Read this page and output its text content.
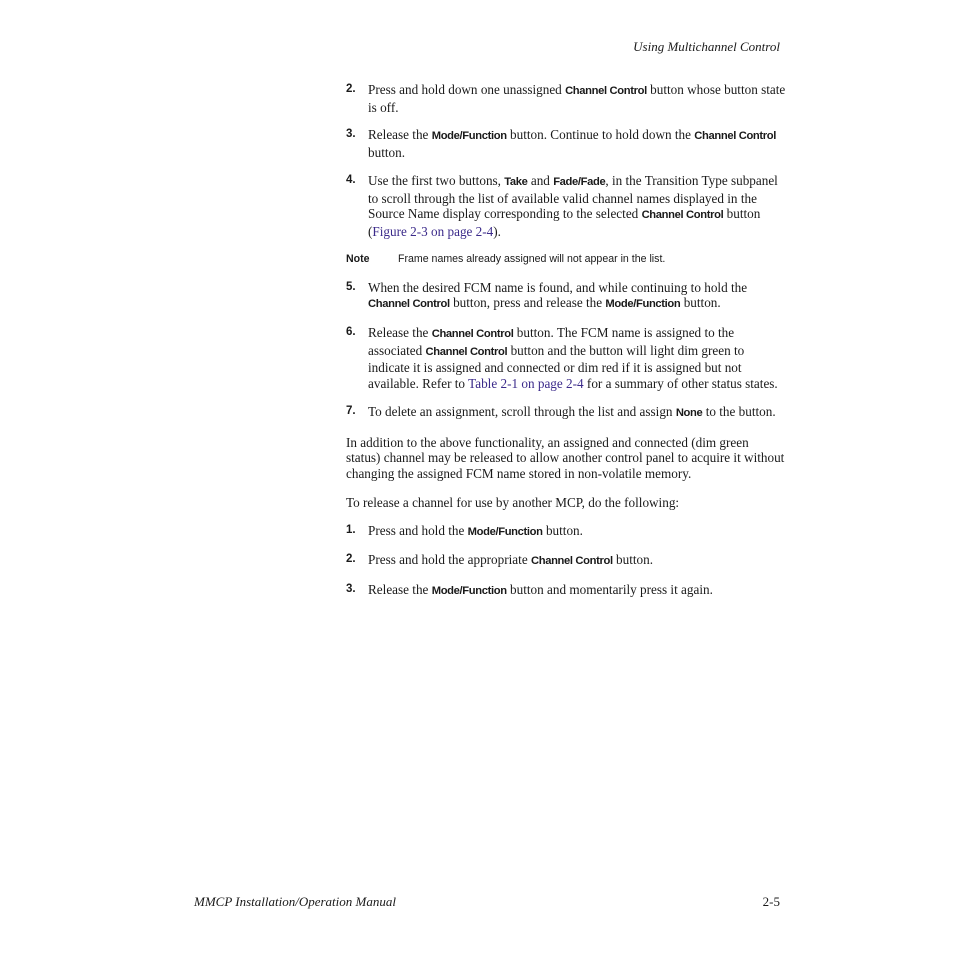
Using Multichannel Control
2. Press and hold down one unassigned Channel Control button whose button state is off.
3. Release the Mode/Function button. Continue to hold down the Channel Control button.
4. Use the first two buttons, Take and Fade/Fade, in the Transition Type subpanel to scroll through the list of available valid channel names displayed in the Source Name display corresponding to the selected Channel Control button (Figure 2-3 on page 2-4).
Note	Frame names already assigned will not appear in the list.
5. When the desired FCM name is found, and while continuing to hold the Channel Control button, press and release the Mode/Function button.
6. Release the Channel Control button. The FCM name is assigned to the associated Channel Control button and the button will light dim green to indicate it is assigned and connected or dim red if it is assigned but not available. Refer to Table 2-1 on page 2-4 for a summary of other status states.
7. To delete an assignment, scroll through the list and assign None to the button.

In addition to the above functionality, an assigned and connected (dim green status) channel may be released to allow another control panel to acquire it without changing the assigned FCM name stored in non-volatile memory.

To release a channel for use by another MCP, do the following:

1. Press and hold the Mode/Function button.
2. Press and hold the appropriate Channel Control button.
3. Release the Mode/Function button and momentarily press it again.
MMCP Installation/Operation Manual	2-5
